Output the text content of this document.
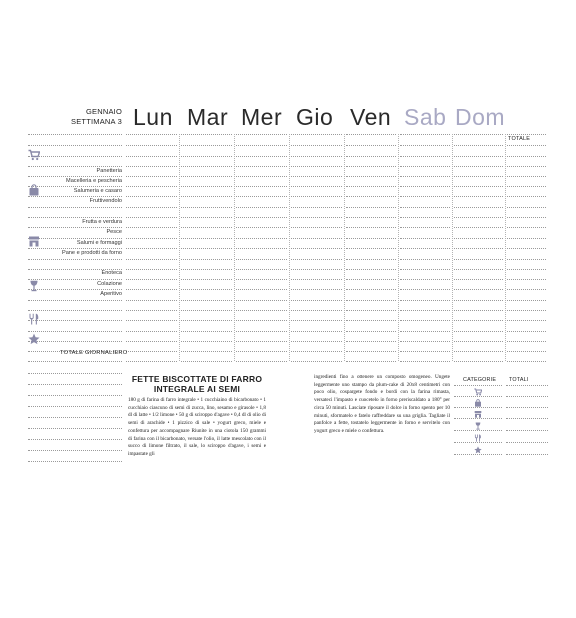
GENNAIO
SETTIMANA 3 Lun Mar Mer Gio Ven Sab Dom
TOTALE
Panetteria
Macelleria e pescheria
Salumeria e casaro
Fruttivendolo
Frutta e verdura
Pesce
Salumi e formaggi
Pane e prodotti da forno
Enoteca
Colazione
Aperitivo
TOTALE GIORNALIERO
FETTE BISCOTTATE DI FARRO
INTEGRALE AI SEMI
180 g di farina di farro integrale • 1 cucchiaino di bicarbonato • 1 cucchiaio ciascuno di semi di zucca, lino, sesamo e girasole • 1,8 dl di latte • 1/2 limone • 50 g di sciroppo d'agave • 0,4 dl di olio di semi di arachide • 1 pizzico di sale • yogurt greco, miele e confettura per accompagnare Riunite in una ciotola 150 grammi di farina con il bicarbonato, versate l'olio, il latte mescolato con il succo di limone filtrato, il sale, lo sciroppo d'agave, i semi e impastate gli
ingredienti fino a ottenere un composto omogeneo. Ungete leggermente uno stampo da plum-cake di 20x8 centimetri con poco olio, cospargete fondo e bordi con la farina rimasta, versateci l'impasto e cuocetelo in forno preriscaldato a 180° per circa 50 minuti. Lasciate riposare il dolce in forno spento per 10 minuti, sformatelo e fatelo raffreddare su una griglia. Tagliate il panfolce a fette, tostatelo leggermente in forno e servitelo con yogurt greco e miele o confettura.
CATEGORIE TOTALI
